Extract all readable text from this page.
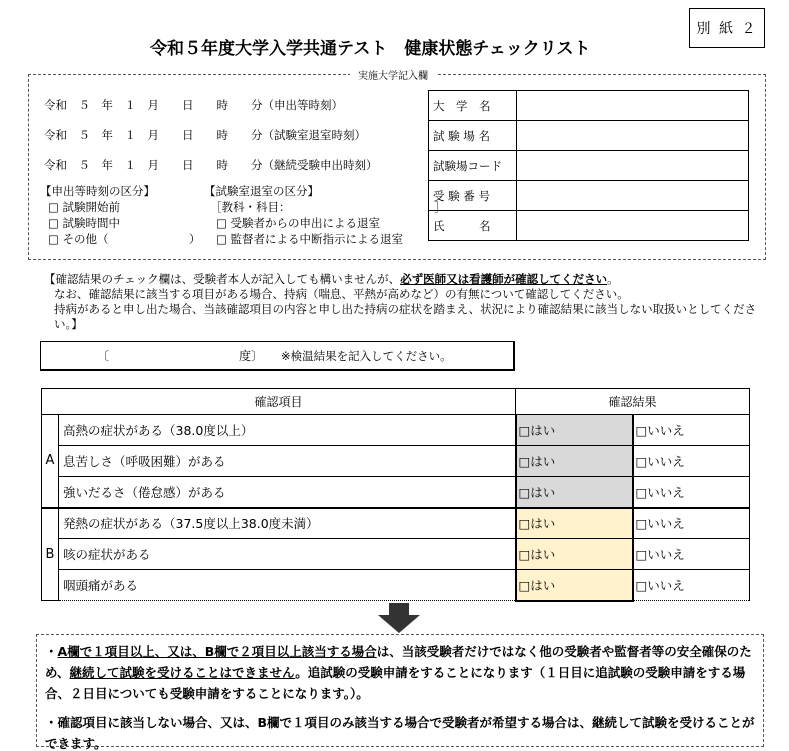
別 紙 ２
令和５年度大学入学共通テスト　健康状態チェックリスト
実施大学記入欄
令和　５　年　１　月　　日　　時　　分（申出等時刻）
令和　５　年　１　月　　日　　時　　分（試験室退室時刻）
令和　５　年　１　月　　日　　時　　分（継続受験申出時刻）
【申出等時刻の区分】
□ 試験開始前
□ 試験時間中
□ その他（　　　　　　　）
【試験室退室の区分】
［教科・科目：　　　　　　　　　　　　　］
□ 受験者からの申出による退室
□ 監督者による中断指示による退室
大　学　名	
試 験 場 名	
試験場コード	
受 験 番 号	
氏　　　名	
【確認結果のチェック欄は、受験者本人が記入しても構いませんが、必ず医師又は看護師が確認してください。
なお、確認結果に該当する項目がある場合、持病（喘息、平熱が高めなど）の有無について確認してください。
持病があると申し出た場合、当該確認項目の内容と申し出た持病の症状を踏まえ、状況により確認結果に該当しない取扱いとしてください。】
〔	度〕 ※検温結果を記入してください。
確認項目		確認結果	
A	高熱の症状がある（38.0度以上）	□はい	□いいえ
	息苦しさ（呼吸困難）がある	□はい	□いいえ
	強いだるさ（倦怠感）がある	□はい	□いいえ
B	発熱の症状がある（37.5度以上38.0度未満）	□はい	□いいえ
	咳の症状がある	□はい	□いいえ
	咽頭痛がある	□はい	□いいえ

・A欄で１項目以上、又は、B欄で２項目以上該当する場合は、当該受験者だけではなく他の受験者や監督者等の安全確保のため、継続して試験を受けることはできません。追試験の受験申請をすることになります（１日目に追試験の受験申請をする場合、２日目についても受験申請をすることになります。）。

・確認項目に該当しない場合、又は、B欄で１項目のみ該当する場合で受験者が希望する場合は、継続して試験を受けることができます。
